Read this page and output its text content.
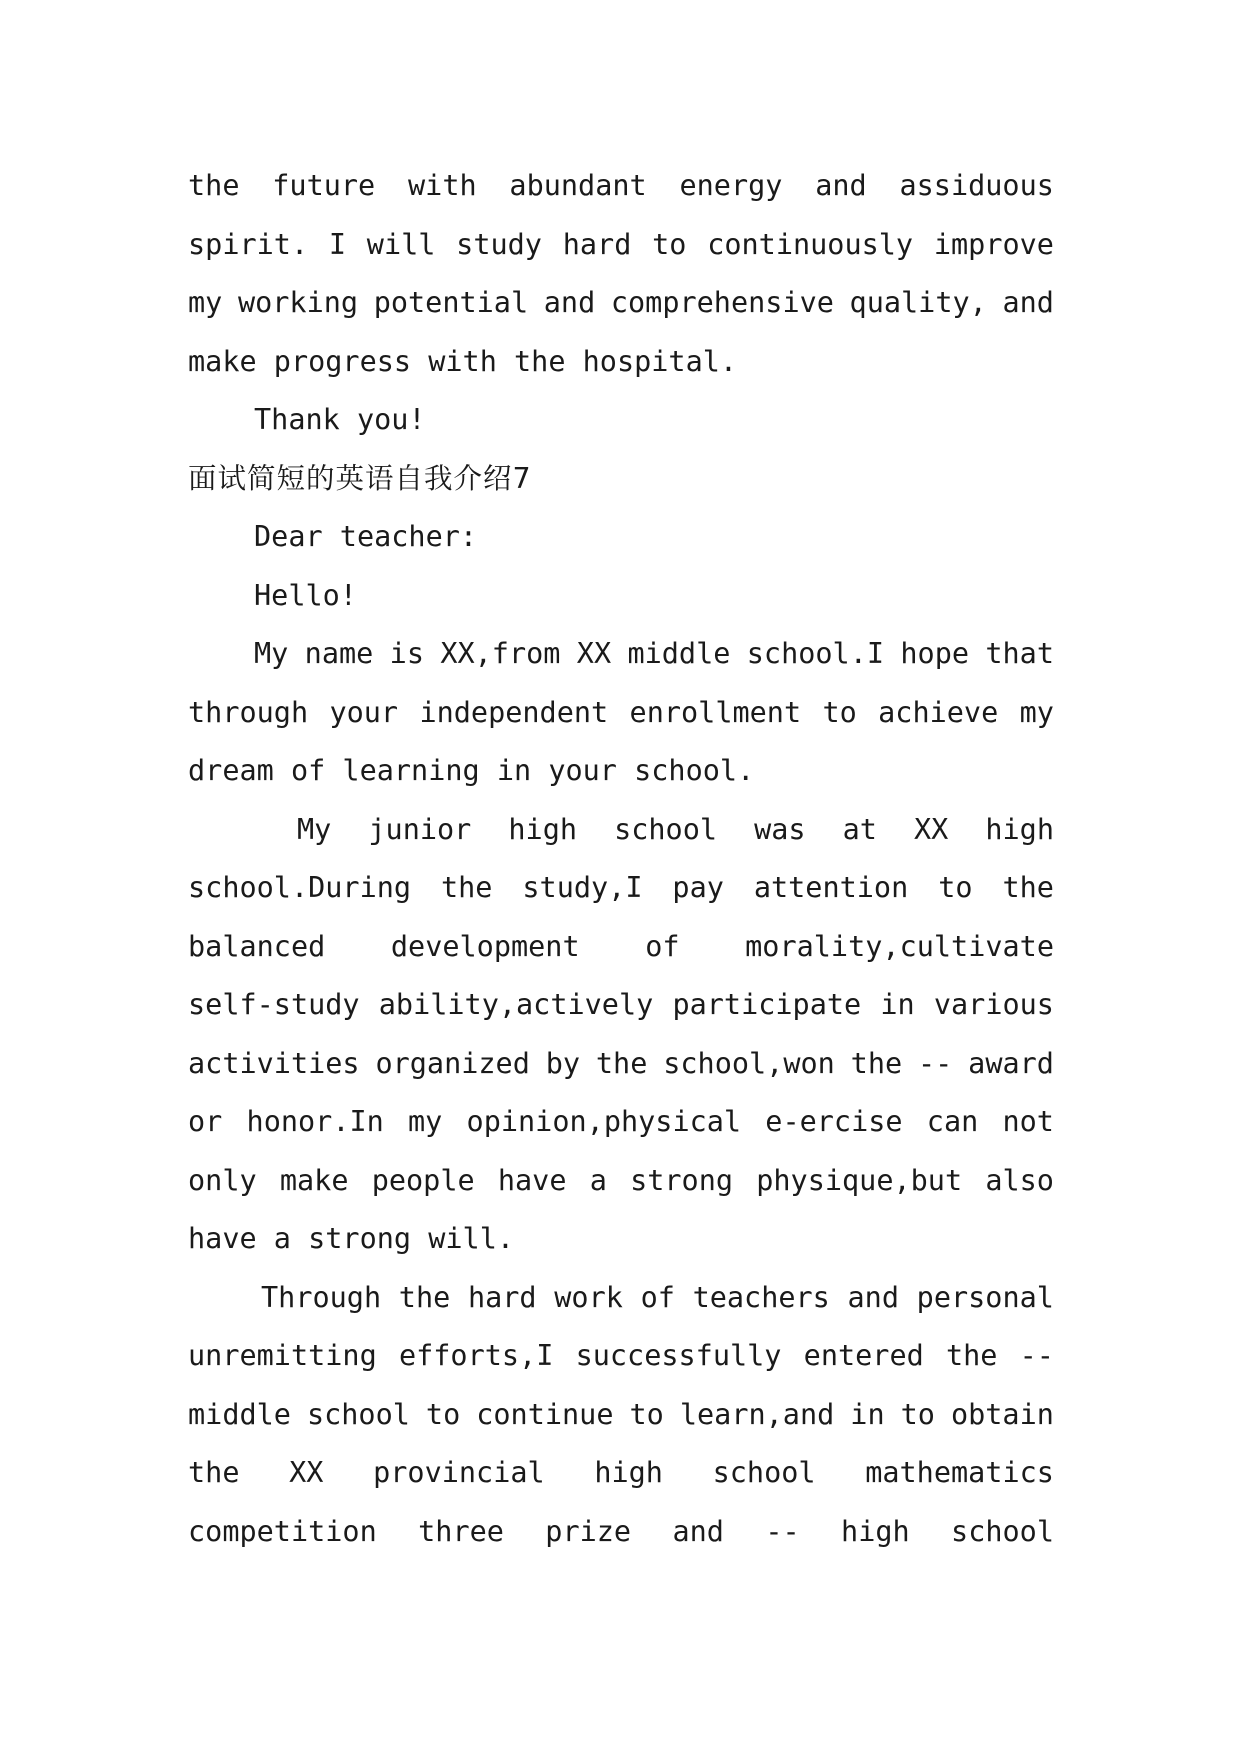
the future with abundant energy and assiduous
spirit. I will study hard to continuously improve
my working potential and comprehensive quality, and
make progress with the hospital.
Thank you!
面试简短的英语自我介绍7
Dear teacher:
Hello!
My name is XX,from XX middle school.I hope that
through your independent enrollment to achieve my
dream of learning in your school.
My junior high school was at XX high
school.During the study,I pay attention to the
balanced development of morality,cultivate
self-study ability,actively participate in various
activities organized by the school,won the -- award
or honor.In my opinion,physical e-ercise can not
only make people have a strong physique,but also
have a strong will.
Through the hard work of teachers and personal
unremitting efforts,I successfully entered the --
middle school to continue to learn,and in to obtain
the XX provincial high school mathematics
competition three prize and -- high school
